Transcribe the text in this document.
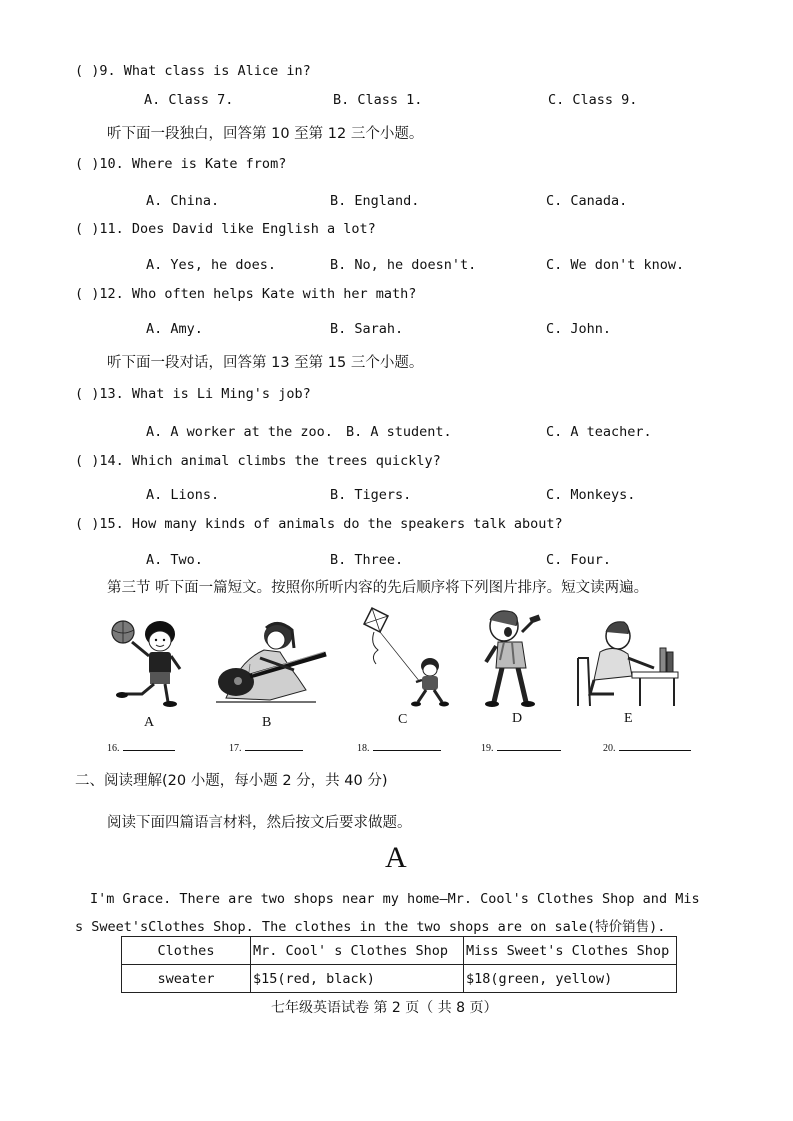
( )9. What class is Alice in?
A. Class 7.	B. Class 1.	C. Class 9.
听下面一段独白，回答第 10 至第 12 三个小题。
( )10. Where is Kate from?
A. China.	B. England.	C. Canada.
( )11. Does David like English a lot?
A. Yes, he does.	B. No, he doesn't.	C. We don't know.
( )12. Who often helps Kate with her math?
A. Amy.	B. Sarah.	C. John.
听下面一段对话，回答第 13 至第 15 三个小题。
( )13. What is Li Ming's job?
A. A worker at the zoo. B. A student.	C. A teacher.
( )14. Which animal climbs the trees quickly?
A. Lions.	B. Tigers.	C. Monkeys.
( )15. How many kinds of animals do the speakers talk about?
A. Two.	B. Three.	C. Four.
第三节 听下面一篇短文。按照你所听内容的先后顺序将下列图片排序。短文读两遍。
A	B	C	D	E
16.	17.	18.	19.	20.
二、阅读理解(20 小题，每小题 2 分，共 40 分)
阅读下面四篇语言材料，然后按文后要求做题。
A
I'm Grace. There are two shops near my home—Mr. Cool's Clothes Shop and Mis
s Sweet'sClothes Shop. The clothes in the two shops are on sale(特价销售).
Clothes	Mr. Cool' s Clothes Shop	Miss Sweet's Clothes Shop
sweater	$15(red, black)	$18(green, yellow)
七年级英语试卷 第 2 页（ 共 8 页）
